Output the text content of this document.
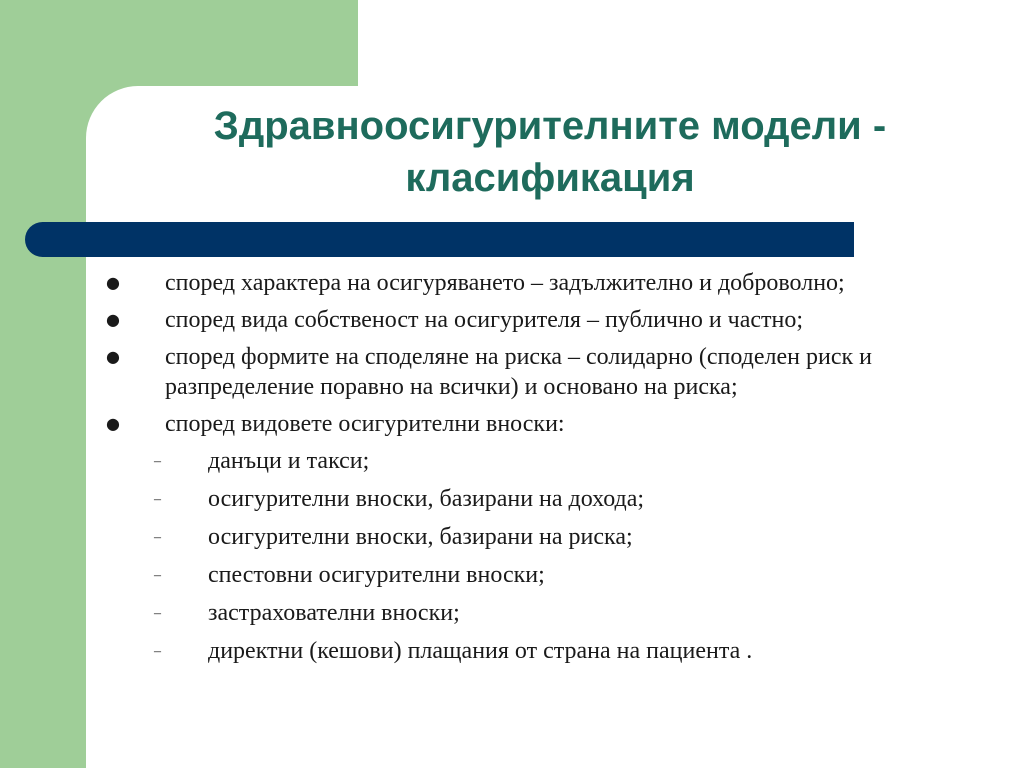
Здравноосигурителните модели -
класификация

● според характера на осигуряването – задължително и доброволно;

● според вида собственост на осигурителя – публично и частно;

● според формите на споделяне на риска – солидарно (споделен риск и разпределение поравно на всички) и основано на риска;

● според видовете осигурителни вноски:

– данъци и такси;

– осигурителни вноски, базирани на дохода;

– осигурителни вноски, базирани на риска;

– спестовни осигурителни вноски;

– застрахователни вноски;

– директни (кешови) плащания от страна на пациента .
